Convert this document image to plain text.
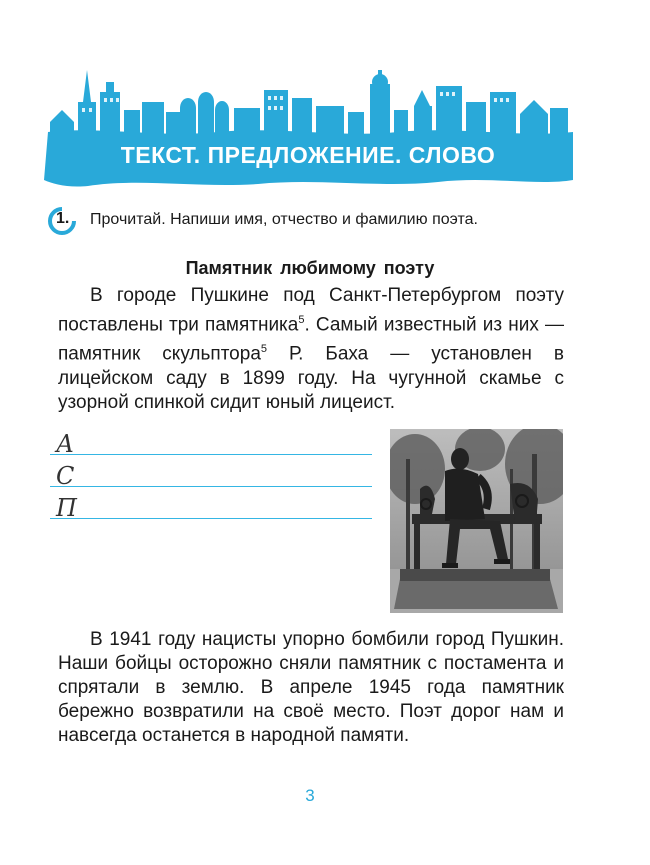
ТЕКСТ. ПРЕДЛОЖЕНИЕ. СЛОВО
1. Прочитай. Напиши имя, отчество и фамилию поэта.
Памятник любимому поэту

В городе Пушкине под Санкт-Петербургом поэту поставлены три памятника$^5$. Самый известный из них — памятник скульптора$^5$ Р. Баха — установлен в лицейском саду в 1899 году. На чугунной скамье с узорной спинкой сидит юный лицеист.

А
С
П

В 1941 году нацисты упорно бомбили город Пушкин. Наши бойцы осторожно сняли памятник с постамента и спрятали в землю. В апреле 1945 года памятник бережно возвратили на своё место. Поэт дорог нам и навсегда останется в народной памяти.

3
